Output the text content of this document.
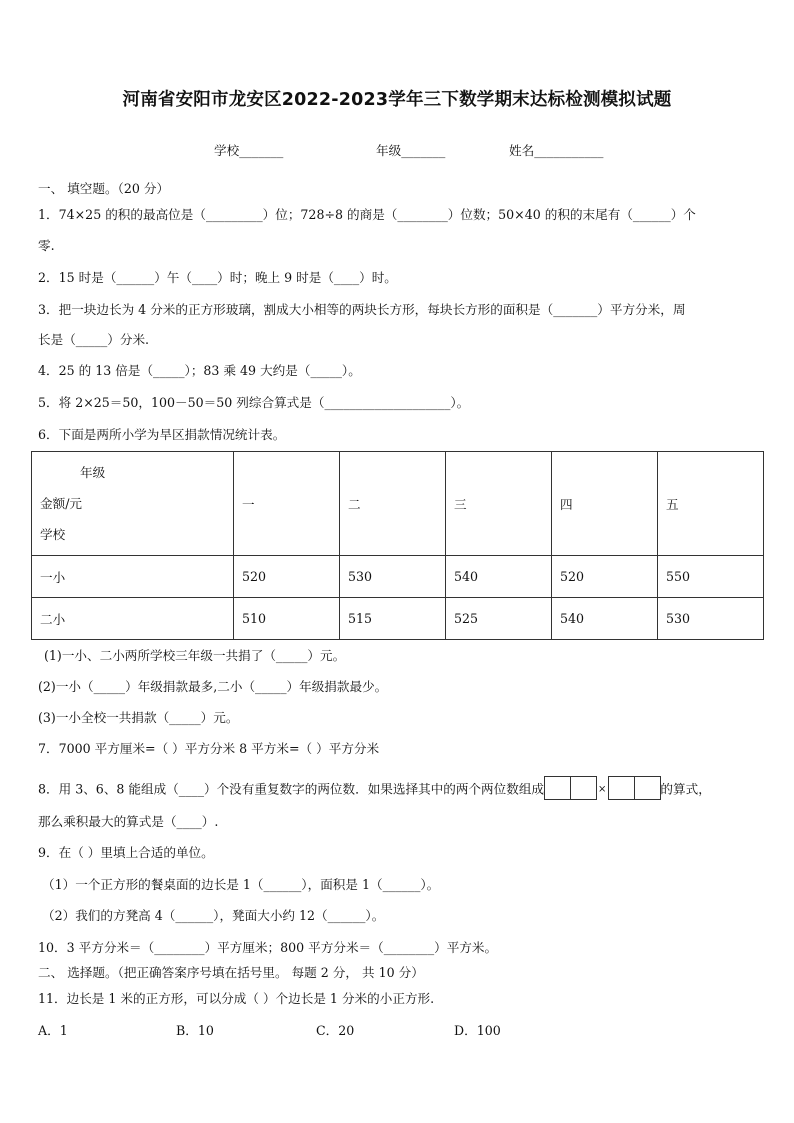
河南省安阳市龙安区2022-2023学年三下数学期末达标检测模拟试题
学校_______	年级_______	姓名___________
一、 填空题。（20 分）
1．74×25 的积的最高位是（_________）位；728÷8 的商是（________）位数；50×40 的积的末尾有（______）个
零.
2．15 时是（______）午（____）时；晚上 9 时是（____）时。
3．把一块边长为 4 分米的正方形玻璃，割成大小相等的两块长方形，每块长方形的面积是（_______）平方分米，周
长是（_____）分米.
4．25 的 13 倍是（_____）；83 乘 49 大约是（_____）。
5．将 2×25＝50，100－50＝50 列综合算式是（____________________）。
6．下面是两所小学为旱区捐款情况统计表。
年级
金额/元
学校	一	二	三	四	五
一小	520	530	540	520	550
二小	510	515	525	540	530
(1)一小、二小两所学校三年级一共捐了（_____）元。
(2)一小（_____）年级捐款最多,二小（_____）年级捐款最少。
(3)一小全校一共捐款（_____）元。
7．7000 平方厘米=（ ）平方分米 8 平方米=（ ）平方分米
8．用 3、6、8 能组成（____）个没有重复数字的两位数．如果选择其中的两个两位数组成	×	的算式，
那么乘积最大的算式是（____）.
9．在（ ）里填上合适的单位。
（1）一个正方形的餐桌面的边长是 1（______），面积是 1（______）。
（2）我们的方凳高 4（______），凳面大小约 12（______）。
10．3 平方分米＝（________）平方厘米；800 平方分米＝（________）平方米。
二、 选择题。（把正确答案序号填在括号里。 每题 2 分， 共 10 分）
11．边长是 1 米的正方形，可以分成（ ）个边长是 1 分米的小正方形.
A．1	B．10	C．20	D．100
